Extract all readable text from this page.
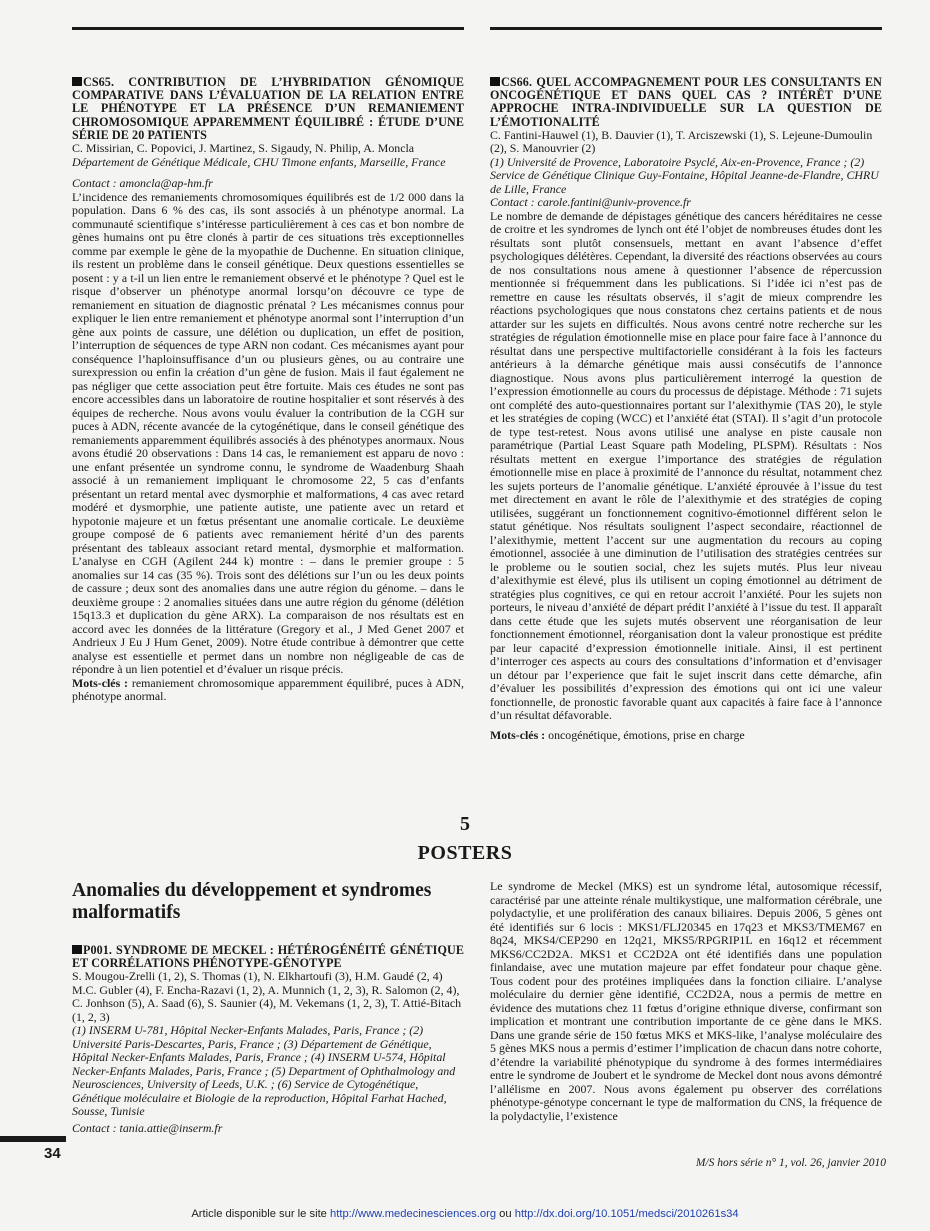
CS65. CONTRIBUTION DE L’HYBRIDATION GÉNOMIQUE COMPARATIVE DANS L’ÉVALUATION DE LA RELATION ENTRE LE PHÉNOTYPE ET LA PRÉSENCE D’UN REMANIEMENT CHROMOSOMIQUE APPAREMMENT ÉQUILIBRÉ : ÉTUDE D’UNE SÉRIE DE 20 PATIENTS

C. Missirian, C. Popovici, J. Martinez, S. Sigaudy, N. Philip, A. Moncla

Département de Génétique Médicale, CHU Timone enfants, Marseille, France

Contact : amoncla@ap-hm.fr

L’incidence des remaniements chromosomiques équilibrés est de 1/2 000 dans la population. Dans 6 % des cas, ils sont associés à un phénotype anormal. La communauté scientifique s’intéresse particulièrement à ces cas et bon nombre de gènes humains ont pu être clonés à partir de ces situations très exceptionnelles comme par exemple le gène de la myopathie de Duchenne. En situation clinique, ils restent un problème dans le conseil génétique. Deux questions essentielles se posent : y a t-il un lien entre le remaniement observé et le phénotype ? Quel est le risque d’observer un phénotype anormal lorsqu’on découvre ce type de remaniement en situation de diagnostic prénatal ? Les mécanismes connus pour expliquer le lien entre remaniement et phénotype anormal sont l’interruption d’un gène aux points de cassure, une délétion ou duplication, un effet de position, l’interruption de séquences de type ARN non codant. Ces mécanismes ayant pour conséquence l’haploinsuffisance d’un ou plusieurs gènes, ou au contraire une surexpression ou enfin la création d’un gène de fusion. Mais il faut également ne pas négliger que cette association peut être fortuite. Mais ces études ne sont pas encore accessibles dans un laboratoire de routine hospitalier et sont réservés à des équipes de recherche. Nous avons voulu évaluer la contribution de la CGH sur puces à ADN, récente avancée de la cytogénétique, dans le conseil génétique des remaniements apparemment équilibrés associés à des phénotypes anormaux. Nous avons étudié 20 observations : Dans 14 cas, le remaniement est apparu de novo : une enfant présentée un syndrome connu, le syndrome de Waadenburg Shaah associé à un remaniement impliquant le chromosome 22, 5 cas d’enfants présentant un retard mental avec dysmorphie et malformations, 4 cas avec retard modéré et dysmorphie, une patiente autiste, une patiente avec un retard et hypotonie majeure et un fœtus présentant une anomalie corticale. Le deuxième groupe composé de 6 patients avec remaniement hérité d’un des parents présentant des tableaux associant retard mental, dysmorphie et malformation. L’analyse en CGH (Agilent 244 k) montre : – dans le premier groupe : 5 anomalies sur 14 cas (35 %). Trois sont des délétions sur l’un ou les deux points de cassure ; deux sont des anomalies dans une autre région du génome. – dans le deuxième groupe : 2 anomalies situées dans une autre région du génome (délétion 15q13.3 et duplication du gène ARX). La comparaison de nos résultats est en accord avec les données de la littérature (Gregory et al., J Med Genet 2007 et Andrieux J Eu J Hum Genet, 2009). Notre étude contribue à démontrer que cette analyse est essentielle et permet dans un nombre non négligeable de cas de répondre à un lien potentiel et d’évaluer un risque précis.

Mots-clés : remaniement chromosomique apparemment équilibré, puces à ADN, phénotype anormal.

CS66. QUEL ACCOMPAGNEMENT POUR LES CONSULTANTS EN ONCOGÉNÉTIQUE ET DANS QUEL CAS ? INTÉRÊT D’UNE APPROCHE INTRA-INDIVIDUELLE SUR LA QUESTION DE L’ÉMOTIONALITÉ

C. Fantini-Hauwel (1), B. Dauvier (1), T. Arciszewski (1), S. Lejeune-Dumoulin (2), S. Manouvrier (2)

(1) Université de Provence, Laboratoire Psyclé, Aix-en-Provence, France ; (2) Service de Génétique Clinique Guy-Fontaine, Hôpital Jeanne-de-Flandre, CHRU de Lille, France

Contact : carole.fantini@univ-provence.fr

Le nombre de demande de dépistages génétique des cancers héréditaires ne cesse de croitre et les syndromes de lynch ont été l’objet de nombreuses études dont les résultats sont plutôt consensuels, mettant en avant l’absence d’effet psychologiques délétères. Cependant, la diversité des réactions observées au cours de nos consultations nous amene à questionner l’absence de répercussion mentionnée si fréquemment dans les publications. Si l’idée ici n’est pas de remettre en cause les résultats observés, il s’agit de mieux comprendre les réactions psychologiques que nous constatons chez certains patients et de nous attarder sur les sujets en difficultés. Nous avons centré notre recherche sur les stratégies de régulation émotionnelle mise en place pour faire face à l’annonce du résultat dans une perspective multifactorielle considérant à la fois les facteurs antérieurs à la démarche génétique mais aussi consécutifs de l’annonce diagnostique. Nous avons plus particulièrement interrogé la question de l’expression émotionnelle au cours du processus de dépistage. Méthode : 71 sujets ont complété des auto-questionnaires portant sur l’alexithymie (TAS 20), le style et les stratégies de coping (WCC) et l’anxiété état (STAI). Il s’agit d’un protocole de type test-retest. Nous avons utilisé une analyse en piste causale non paramétrique (Partial Least Square path Modeling, PLSPM). Résultats : Nos résultats mettent en exergue l’importance des stratégies de régulation émotionnelle mise en place à proximité de l’annonce du résultat, notamment chez les sujets porteurs de l’anomalie génétique. L’anxiété éprouvée à l’issue du test met directement en avant le rôle de l’alexithymie et des stratégies de coping utilisées, suggérant un fonctionnement cognitivo-émotionnel différent selon le statut génétique. Nos résultats soulignent l’aspect secondaire, réactionnel de l’alexithymie, mettent l’accent sur une augmentation du recours au coping émotionnel, associée à une diminution de l’utilisation des stratégies centrées sur le probleme ou le soutien social, chez les sujets mutés. Plus leur niveau d’alexithymie est élevé, plus ils utilisent un coping émotionnel au détriment de stratégies plus cognitives, ce qui en retour accroit l’anxiété. Pour les sujets non porteurs, le niveau d’anxiété de départ prédit l’anxiété à l’issue du test. Il apparaît dans cette étude que les sujets mutés observent une réorganisation de leur fonctionnement émotionnel, réorganisation dont la valeur pronostique est prédite par leur capacité d’expression émotionnelle initiale. Ainsi, il est pertinent d’interroger ces aspects au cours des consultations d’information et d’envisager un détour par l’experience que fait le sujet inscrit dans cette démarche, afin d’évaluer les possibilités d’expression des émotions qui ont ici une valeur fonctionnelle, de pronostic favorable quant aux capacités à faire face à l’annonce d’un résultat défavorable.

Mots-clés : oncogénétique, émotions, prise en charge

5
POSTERS

Anomalies du développement et syndromes malformatifs

P001. SYNDROME DE MECKEL : HÉTÉROGÉNÉITÉ GÉNÉTIQUE ET CORRÉLATIONS PHÉNOTYPE-GÉNOTYPE

S. Mougou-Zrelli (1, 2), S. Thomas (1), N. Elkhartoufi (3), H.M. Gaudé (2, 4) M.C. Gubler (4), F. Encha-Razavi (1, 2), A. Munnich (1, 2, 3), R. Salomon (2, 4), C. Jonhson (5), A. Saad (6), S. Saunier (4), M. Vekemans (1, 2, 3), T. Attié-Bitach (1, 2, 3)

(1) INSERM U-781, Hôpital Necker-Enfants Malades, Paris, France ; (2) Université Paris-Descartes, Paris, France ; (3) Département de Génétique, Hôpital Necker-Enfants Malades, Paris, France ; (4) INSERM U-574, Hôpital Necker-Enfants Malades, Paris, France ; (5) Department of Ophthalmology and Neurosciences, University of Leeds, U.K. ; (6) Service de Cytogénétique, Génétique moléculaire et Biologie de la reproduction, Hôpital Farhat Hached, Sousse, Tunisie

Contact : tania.attie@inserm.fr

Le syndrome de Meckel (MKS) est un syndrome létal, autosomique récessif, caractérisé par une atteinte rénale multikystique, une malformation cérébrale, une polydactylie, et une prolifération des canaux biliaires. Depuis 2006, 5 gènes ont été identifiés sur 6 locis : MKS1/FLJ20345 en 17q23 et MKS3/TMEM67 en 8q24, MKS4/CEP290 en 12q21, MKS5/RPGRIP1L en 16q12 et récemment MKS6/CC2D2A. MKS1 et CC2D2A ont été identifiés dans une population finlandaise, avec une mutation majeure par effet fondateur pour chaque gène. Tous codent pour des protéines impliquées dans la fonction ciliaire. L’analyse moléculaire du dernier gène identifié, CC2D2A, nous a permis de mettre en évidence des mutations chez 11 fœtus d’origine ethnique diverse, confirmant son implication et montrant une contribution importante de ce gène dans le MKS. Dans une grande série de 150 fœtus MKS et MKS-like, l’analyse moléculaire des 5 gènes MKS nous a permis d’estimer l’implication de chacun dans notre cohorte, d’étendre la variabilité phénotypique du syndrome à des formes intermédiaires entre le syndrome de Joubert et le syndrome de Meckel dont nous avons démontré l’allélisme en 2007. Nous avons également pu observer des corrélations phénotype-génotype concernant le type de malformation du CNS, la fréquence de la polydactylie, l’existence

34
M/S hors série n° 1, vol. 26, janvier 2010
Article disponible sur le site http://www.medecinesciences.org ou http://dx.doi.org/10.1051/medsci/2010261s34
